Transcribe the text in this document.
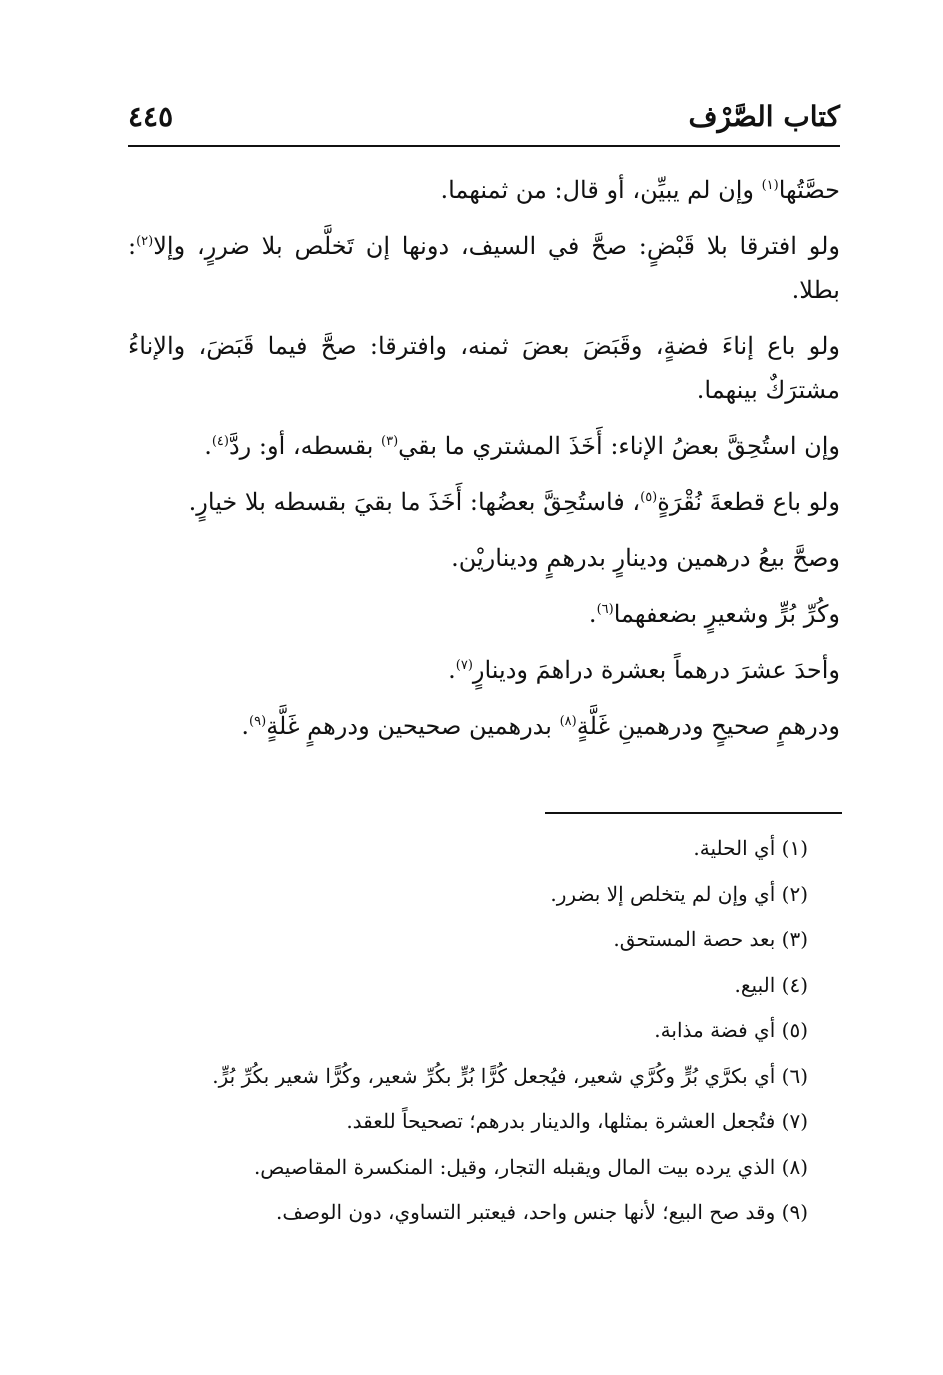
كتاب الصَّرْف
٤٤٥

حصَّتُها$^{(١)}$ وإن لم يبيِّن، أو قال: من ثمنهما.

ولو افترقا بلا قَبْضٍ: صحَّ في السيف، دونها إن تَخلَّص بلا ضررٍ، وإلا$^{(٢)}$: بطلا.

ولو باع إناءَ فضةٍ، وقَبَضَ بعضَ ثمنه، وافترقا: صحَّ فيما قَبَضَ، والإناءُ مشترَكٌ بينهما.

وإن استُحِقَّ بعضُ الإناء: أَخَذَ المشتري ما بقي$^{(٣)}$ بقسطه، أو: ردَّ$^{(٤)}$.

ولو باع قطعةَ نُقْرَةٍ$^{(٥)}$، فاستُحِقَّ بعضُها: أَخَذَ ما بقيَ بقسطه بلا خيارٍ.

وصحَّ بيعُ درهمين ودينارٍ بدرهمٍ وديناريْن.

وكُرِّ بُرٍّ وشعيرٍ بضعفهما$^{(٦)}$.

وأحدَ عشرَ درهماً بعشرة دراهمَ ودينارٍ$^{(٧)}$.

ودرهمٍ صحيحٍ ودرهمينِ غَلَّةٍ$^{(٨)}$ بدرهمين صحيحين ودرهمٍ غَلَّةٍ$^{(٩)}$.

(١) أي الحلية.

(٢) أي وإن لم يتخلص إلا بضرر.

(٣) بعد حصة المستحق.

(٤) البيع.

(٥) أي فضة مذابة.

(٦) أي بكرَّي بُرٍّ وكُرَّي شعير، فيُجعل كُرًّا بُرٍّ بكُرِّ شعير، وكُرًّا شعير بكُرِّ بُرٍّ.

(٧) فتُجعل العشرة بمثلها، والدينار بدرهم؛ تصحيحاً للعقد.

(٨) الذي يرده بيت المال ويقبله التجار، وقيل: المنكسرة المقاصيص.

(٩) وقد صح البيع؛ لأنها جنس واحد، فيعتبر التساوي، دون الوصف.
